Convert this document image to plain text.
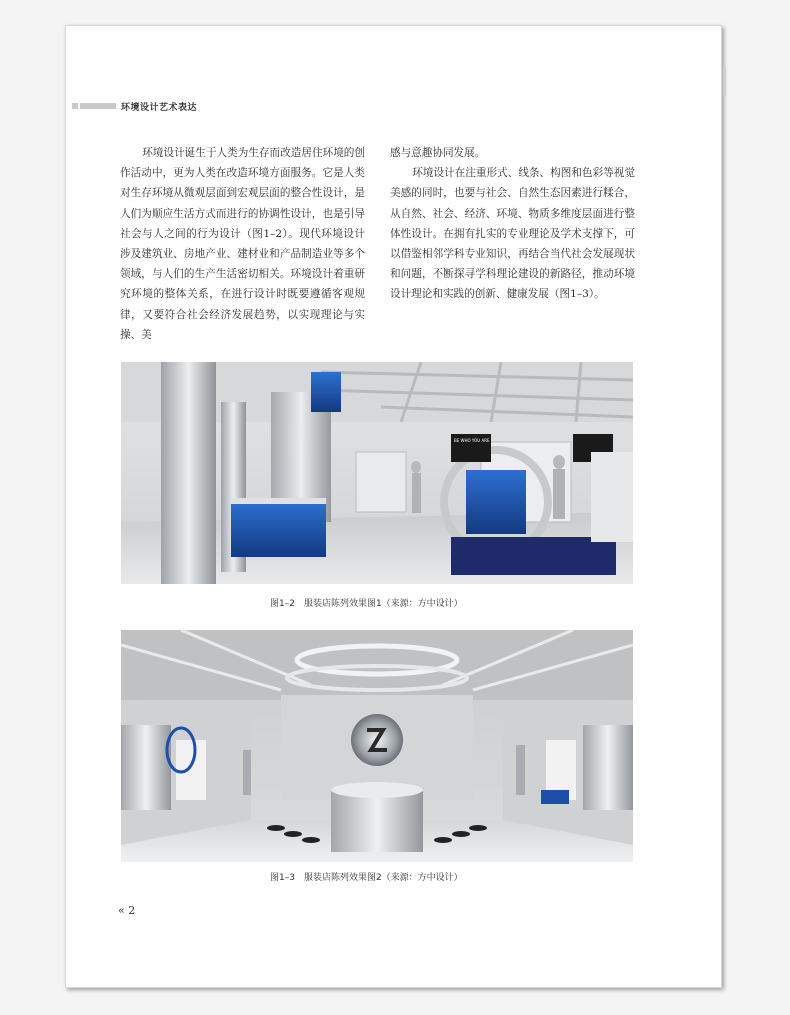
环境设计艺术表达

环境设计诞生于人类为生存而改造居住环境的创作活动中，更为人类在改造环境方面服务。它是人类对生存环境从微观层面到宏观层面的整合性设计，是人们为顺应生活方式而进行的协调性设计，也是引导社会与人之间的行为设计（图1–2）。现代环境设计涉及建筑业、房地产业、建材业和产品制造业等多个领域，与人们的生产生活密切相关。环境设计着重研究环境的整体关系，在进行设计时既要遵循客观规律，又要符合社会经济发展趋势，以实现理论与实操、美

感与意趣协同发展。

环境设计在注重形式、线条、构图和色彩等视觉美感的同时，也要与社会、自然生态因素进行糅合，从自然、社会、经济、环境、物质多维度层面进行整体性设计。在拥有扎实的专业理论及学术支撑下，可以借鉴相邻学科专业知识，再结合当代社会发展现状和问题，不断探寻学科理论建设的新路径，推动环境设计理论和实践的创新、健康发展（图1–3）。

BE WHO YOU ARE
图1–2　服装店陈列效果图1（来源：方中设计）
图1–3　服装店陈列效果图2（来源：方中设计）
« 2
